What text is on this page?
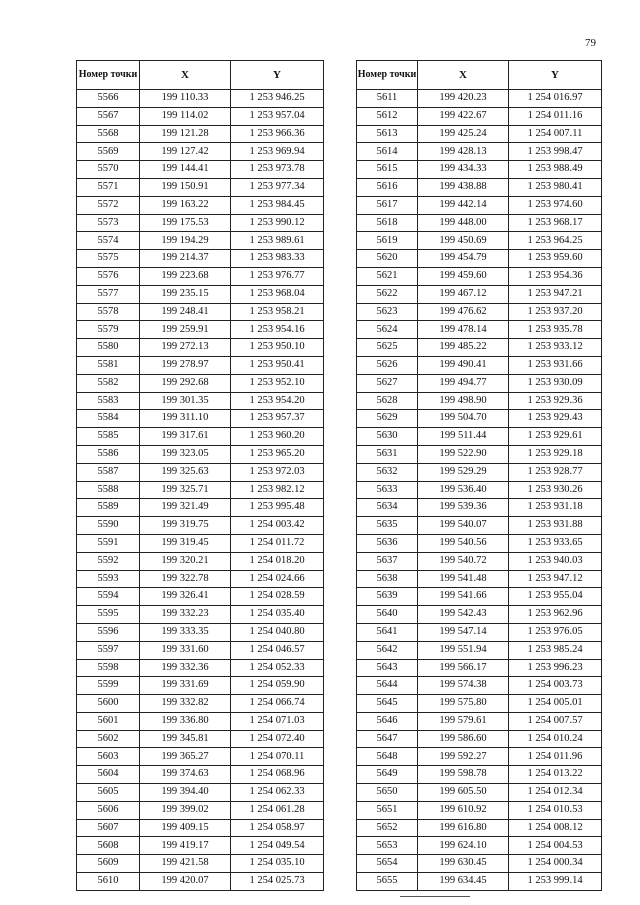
79
Номер точки	X	Y
5566	199 110.33	1 253 946.25
5567	199 114.02	1 253 957.04
5568	199 121.28	1 253 966.36
5569	199 127.42	1 253 969.94
5570	199 144.41	1 253 973.78
5571	199 150.91	1 253 977.34
5572	199 163.22	1 253 984.45
5573	199 175.53	1 253 990.12
5574	199 194.29	1 253 989.61
5575	199 214.37	1 253 983.33
5576	199 223.68	1 253 976.77
5577	199 235.15	1 253 968.04
5578	199 248.41	1 253 958.21
5579	199 259.91	1 253 954.16
5580	199 272.13	1 253 950.10
5581	199 278.97	1 253 950.41
5582	199 292.68	1 253 952.10
5583	199 301.35	1 253 954.20
5584	199 311.10	1 253 957.37
5585	199 317.61	1 253 960.20
5586	199 323.05	1 253 965.20
5587	199 325.63	1 253 972.03
5588	199 325.71	1 253 982.12
5589	199 321.49	1 253 995.48
5590	199 319.75	1 254 003.42
5591	199 319.45	1 254 011.72
5592	199 320.21	1 254 018.20
5593	199 322.78	1 254 024.66
5594	199 326.41	1 254 028.59
5595	199 332.23	1 254 035.40
5596	199 333.35	1 254 040.80
5597	199 331.60	1 254 046.57
5598	199 332.36	1 254 052.33
5599	199 331.69	1 254 059.90
5600	199 332.82	1 254 066.74
5601	199 336.80	1 254 071.03
5602	199 345.81	1 254 072.40
5603	199 365.27	1 254 070.11
5604	199 374.63	1 254 068.96
5605	199 394.40	1 254 062.33
5606	199 399.02	1 254 061.28
5607	199 409.15	1 254 058.97
5608	199 419.17	1 254 049.54
5609	199 421.58	1 254 035.10
5610	199 420.07	1 254 025.73
Номер точки	X	Y
5611	199 420.23	1 254 016.97
5612	199 422.67	1 254 011.16
5613	199 425.24	1 254 007.11
5614	199 428.13	1 253 998.47
5615	199 434.33	1 253 988.49
5616	199 438.88	1 253 980.41
5617	199 442.14	1 253 974.60
5618	199 448.00	1 253 968.17
5619	199 450.69	1 253 964.25
5620	199 454.79	1 253 959.60
5621	199 459.60	1 253 954.36
5622	199 467.12	1 253 947.21
5623	199 476.62	1 253 937.20
5624	199 478.14	1 253 935.78
5625	199 485.22	1 253 933.12
5626	199 490.41	1 253 931.66
5627	199 494.77	1 253 930.09
5628	199 498.90	1 253 929.36
5629	199 504.70	1 253 929.43
5630	199 511.44	1 253 929.61
5631	199 522.90	1 253 929.18
5632	199 529.29	1 253 928.77
5633	199 536.40	1 253 930.26
5634	199 539.36	1 253 931.18
5635	199 540.07	1 253 931.88
5636	199 540.56	1 253 933.65
5637	199 540.72	1 253 940.03
5638	199 541.48	1 253 947.12
5639	199 541.66	1 253 955.04
5640	199 542.43	1 253 962.96
5641	199 547.14	1 253 976.05
5642	199 551.94	1 253 985.24
5643	199 566.17	1 253 996.23
5644	199 574.38	1 254 003.73
5645	199 575.80	1 254 005.01
5646	199 579.61	1 254 007.57
5647	199 586.60	1 254 010.24
5648	199 592.27	1 254 011.96
5649	199 598.78	1 254 013.22
5650	199 605.50	1 254 012.34
5651	199 610.92	1 254 010.53
5652	199 616.80	1 254 008.12
5653	199 624.10	1 254 004.53
5654	199 630.45	1 254 000.34
5655	199 634.45	1 253 999.14
